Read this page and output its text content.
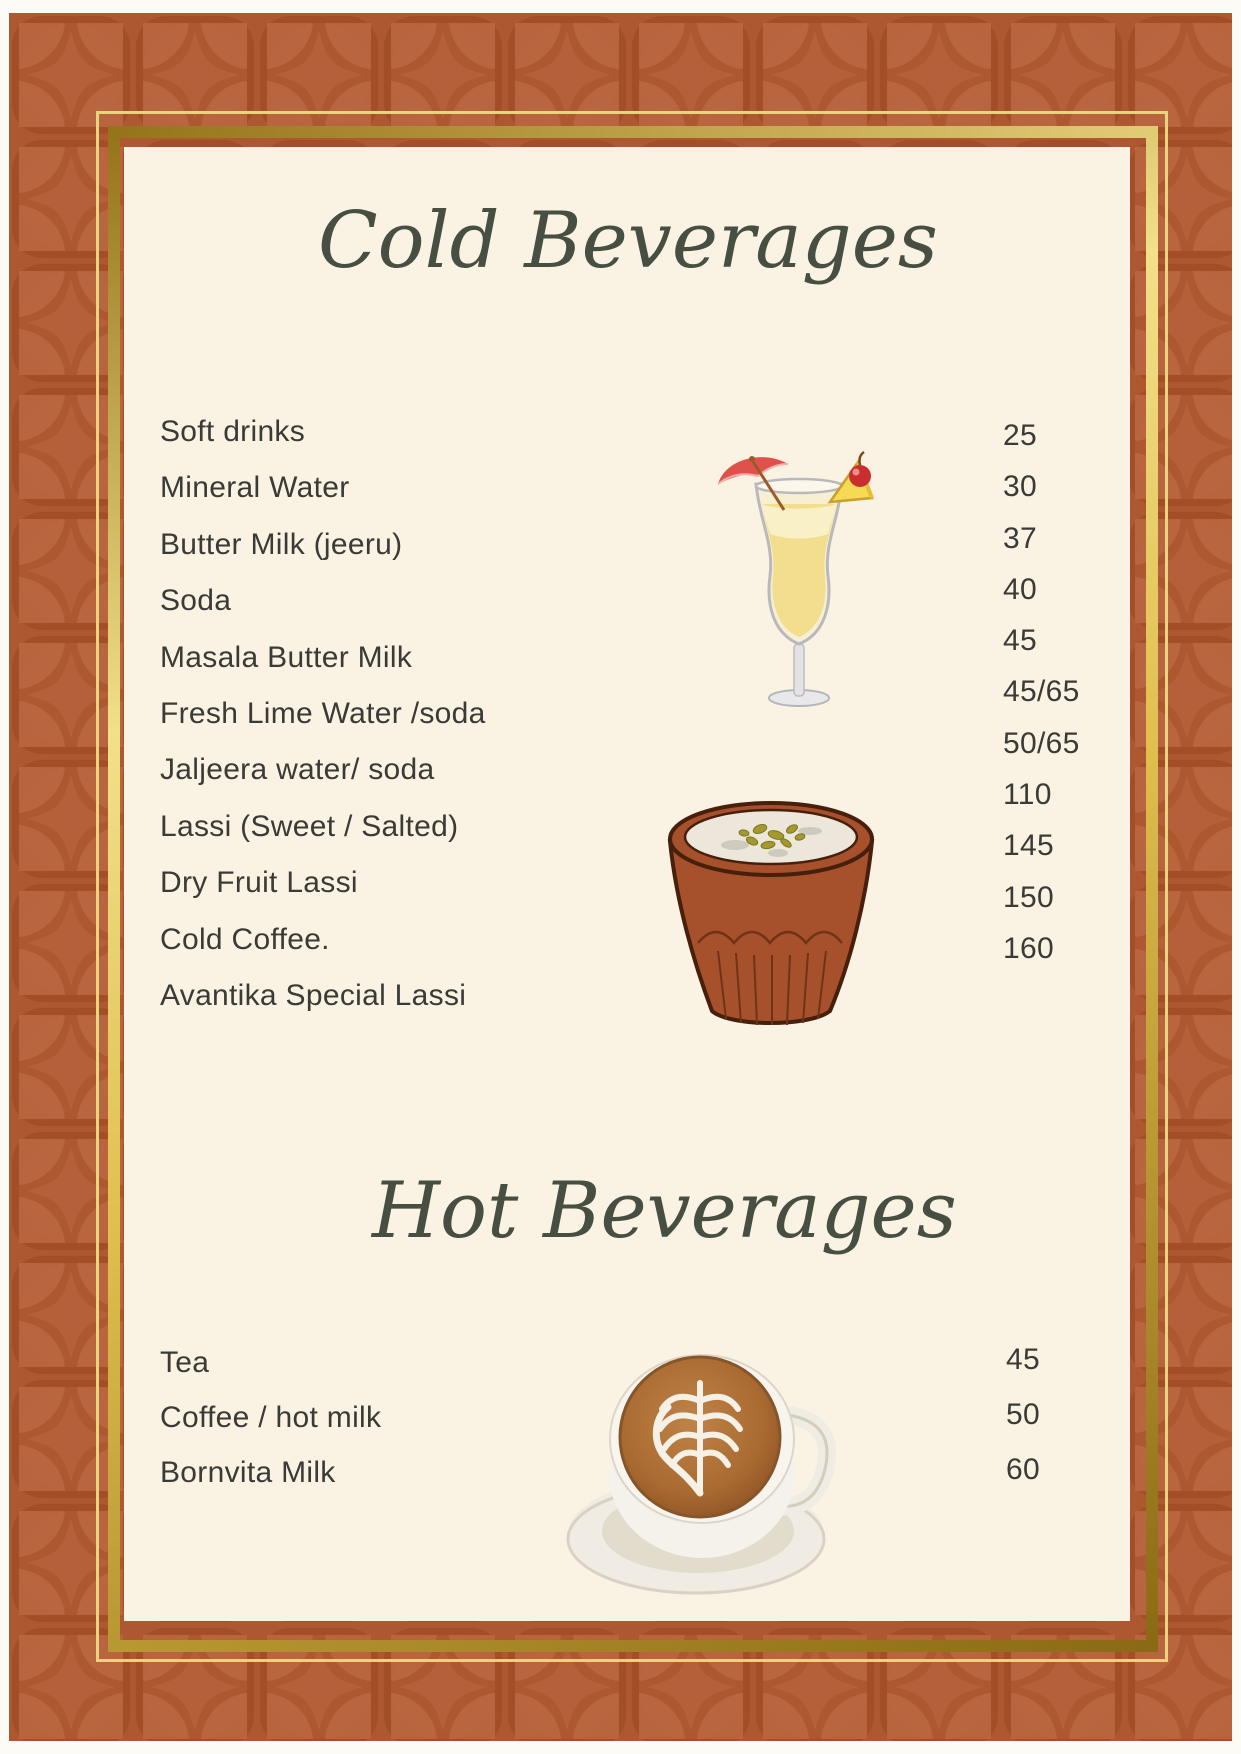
Cold Beverages
Soft drinks
Mineral Water
Butter Milk (jeeru)
Soda
Masala Butter Milk
Fresh Lime Water /soda
Jaljeera water/ soda
Lassi (Sweet / Salted)
Dry Fruit Lassi
Cold Coffee.
Avantika Special Lassi
25
30
37
40
45
45/65
50/65
110
145
150
160
Hot Beverages
Tea
Coffee / hot milk
Bornvita Milk
45
50
60
